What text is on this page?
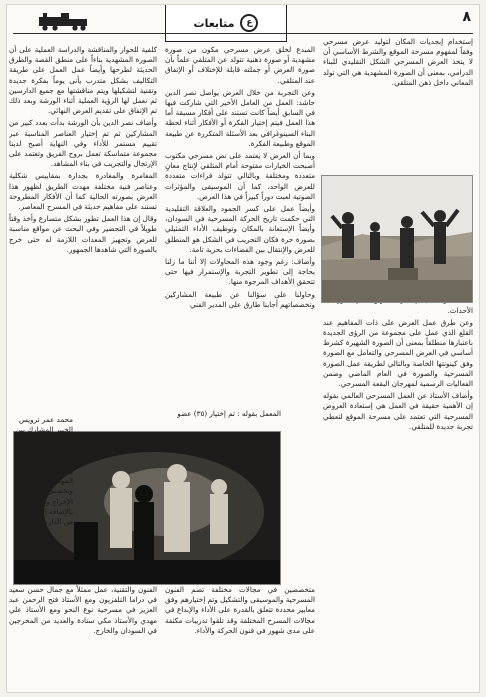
ع
متابعات	٨

إستخدام إبجديات المكان لتوليد عرض مسرحي وفقاً لمفهوم مسرحة الموقع والشرط الأساسي أن لا يتخذ العرض المسرحي الشكل التقليدي للبناء الدرامي، بمعنى أن الصورة المشهدية هي التي تولد المعاني داخل ذهن المتلقي.

الأحداث.

وعن طرق عمل العرض على ذات المفاهيم عند القلع الذي عمل على مجموعة من الرؤى الجديدة باعتبارها منطلقاً بمعنى أن الصورة الشهيرة كشرط أساسي في العرض المسرحي والتعامل مع الصورة وفق كينونتها الخاصة وبالتالي لطريقة عمل الصورة المسرحية والصورة في العام الماضي وضمن الفعاليات الرسمية لمهرجان البقعة المسرحي.

وأضاف الأستاذ عن العمل المسرحي العالمي بقوله إن الأهمية حقيقة في العمل هي إستعادة العروض المسرحية التي تعتمد على مسرحة الموقع لتعطي تجربة جديدة للمتلقي.

المبدع لخلق عرض مسرحي مكون من صورة مشهدية أو صورة ذهنية تتولد عن المتلقي علماً بأن صورة العرض أو جملته قابلة للإختلاف أو الإتفاق عند المتلقي.

وعن التجربة من خلال العرض يواصل نصر الدين حاشد: العمل من العامل الأخير التي شاركت فيها في السابق أيضاً كانت تستند على أفكار مسبقة أما هذا العمل فيتم إختيار الفكرة أو الأفكار أثناء لحظة البناء السينوغرافي بعد الأسئلة المتكررة عن طبيعة الموقع وطبيعة الفكرة.

وبما أن العرض لا يعتمد على نص مسرحي مكتوب أصبحت الخيارات مفتوحة أمام المتلقي لإنتاج معانٍ متعددة ومختلفة وبالتالي تتولد قراءات متعددة للعرض الواحد، كما أن الموسيقى والمؤثرات الصوتية لعبت دوراً كبيراً في هذا العرض.

وأيضاً عمل على كسر الجمود والعلاقة التقليدية التي حكمت تاريخ الحركة المسرحية في السودان، وأيضاً الإستعانة بالمكان وتوظيف الأداء التمثيلي بصورة حرة فكان التجريب في الشكل هو المنطلق للعرض والإنتقال بين الفضاءات بحرية تامة.

وأضاف: رغم وجود هذه المحاولات إلا أننا ما زلنا بحاجة إلى تطوير التجربة والإستمرار فيها حتى تتحقق الأهداف المرجوة منها.

وحاولنا على سؤالنا عن طبيعة المشاركين وتخصصاتهم أجابنا طارق على المدير الفني

كلفية للحوار والمناقشة والدراسة العملية على أن الصورة المشهدية بناءاً على منطق القصة والطرق الحديثة لطرحها وأيضاً عمل العمل على طريقة التكاليف بشكل متدرب بأنى يوماً بفكرة جديدة وتقنية لتشكيلها ويتم مناقشتها مع جميع الدارسين ثم نعمل لها الرؤية العملية أثناء الورشة وبعد ذلك تم الإتفاق على تقديم العرض النهائي.

وأضاف نصر الدين بأن الورشة بدأت بعدد كبير من المشاركين ثم تم إختيار العناصر المناسبة عبر تقييم مستمر للأداء وفي النهاية أصبح لدينا مجموعة متماسكة تعمل بروح الفريق وتعتمد على الإرتجال والتجريب في بناء المشاهد.

المغامرة والمغادرة بجدارة بمقاييس شكلية وعناصر فنية مختلفة مهدت الطريق لظهور هذا العرض بصورته الحالية كما أن الأفكار المطروحة تستند على مفاهيم حديثة في المسرح المعاصر.

وقال إن هذا العمل تطور بشكل متسارع وأخذ وقتاً طويلاً في التحضير وفي البحث عن مواقع مناسبة للعرض وتجهيز المعدات اللازمة له حتى خرج بالصورة التي شاهدها الجمهور.

المعمل بقوله : تم إختيار (٣٥) عضو

محمد عمر ترويس الخبير المشارك بين السودان وهولندا والتي تخرج من قصر الشباب والأطفال ومعهد الموسيقى والمسرح وتخصص في مجال الإخراج والتمثيل بالإضافة إلى عدد من الدارسين

متخصصين في مجالات مختلفة تضم الفنون المسرحية والموسيقى والتشكيل وتم إختيارهم وفق معايير محددة تتعلق بالقدرة على الأداء والإبداع في مجالات المسرح المختلفة وقد تلقوا تدريبات مكثفة على مدى شهور في فنون الحركة والأداء.

الفنون والتقنية، عمل ممثلاً مع جمال حسن سعيد في دراما التلفزيون ومع الأستاذ فتح الرحمن عبد العزيز في مسرحية نوع النحو ومع الأستاذ علي مهدي والأستاذ مكي سنادة والعديد من المخرجين في السودان والخارج.
